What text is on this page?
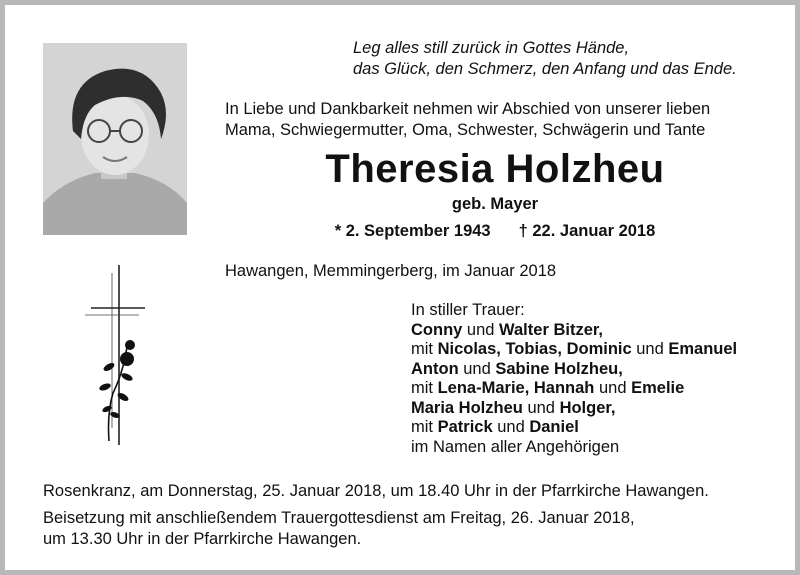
Leg alles still zurück in Gottes Hände,
das Glück, den Schmerz, den Anfang und das Ende.
In Liebe und Dankbarkeit nehmen wir Abschied von unserer lieben
Mama, Schwiegermutter, Oma, Schwester, Schwägerin und Tante
Theresia Holzheu
geb. Mayer
* 2. September 1943 † 22. Januar 2018
Hawangen, Memmingerberg, im Januar 2018
In stiller Trauer:
Conny und Walter Bitzer,
mit Nicolas, Tobias, Dominic und Emanuel
Anton und Sabine Holzheu,
mit Lena-Marie, Hannah und Emelie
Maria Holzheu und Holger,
mit Patrick und Daniel
im Namen aller Angehörigen

Rosenkranz, am Donnerstag, 25. Januar 2018, um 18.40 Uhr in der Pfarrkirche Hawangen.

Beisetzung mit anschließendem Trauergottesdienst am Freitag, 26. Januar 2018,
um 13.30 Uhr in der Pfarrkirche Hawangen.
